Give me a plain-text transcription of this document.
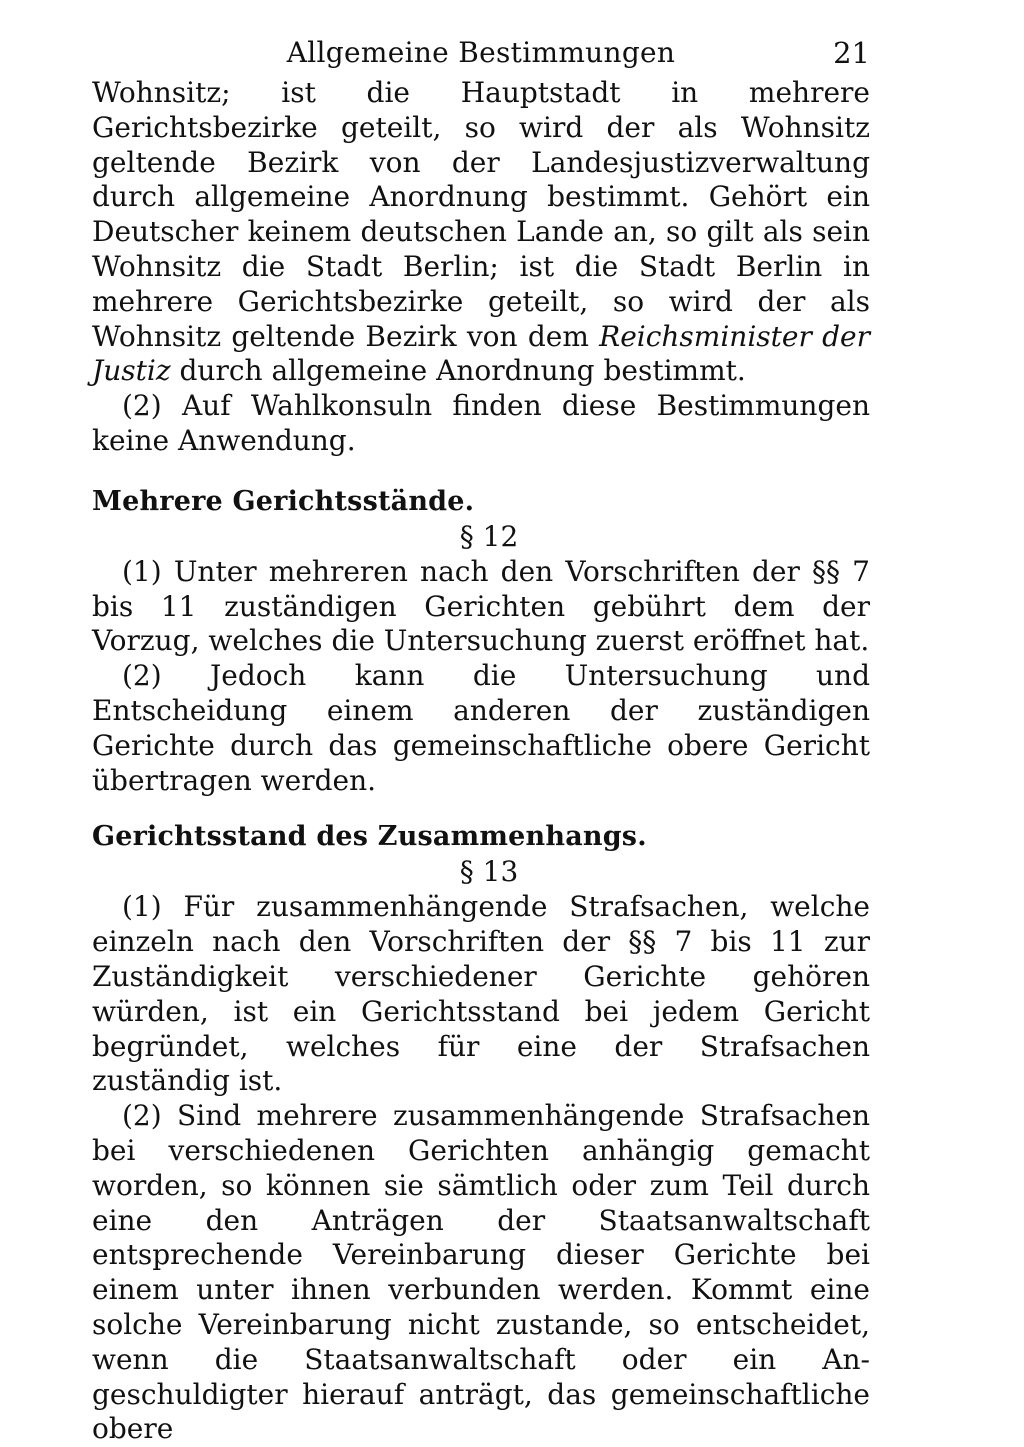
Allgemeine Bestimmungen	21

Wohnsitz; ist die Hauptstadt in mehrere Gerichtsbezirke geteilt, so wird der als Wohnsitz geltende Bezirk von der Landesjustizverwaltung durch allgemeine Anordnung bestimmt. Gehört ein Deutscher keinem deutschen Lande an, so gilt als sein Wohnsitz die Stadt Berlin; ist die Stadt Berlin in mehrere Gerichtsbezirke geteilt, so wird der als Wohnsitz geltende Bezirk von dem Reichsminister der Justiz durch allgemeine Anordnung bestimmt.

(2) Auf Wahlkonsuln finden diese Bestimmungen keine Anwendung.

Mehrere Gerichtsstände.

§ 12

(1) Unter mehreren nach den Vorschriften der §§ 7 bis 11 zuständigen Gerichten gebührt dem der Vorzug, welches die Untersuchung zuerst eröffnet hat.

(2) Jedoch kann die Untersuchung und Entscheidung einem anderen der zuständigen Gerichte durch das gemeinschaftliche obere Gericht übertragen werden.

Gerichtsstand des Zusammenhangs.

§ 13

(1) Für zusammenhängende Strafsachen, welche einzeln nach den Vorschriften der §§ 7 bis 11 zur Zuständigkeit verschiedener Gerichte gehören würden, ist ein Gerichtsstand bei jedem Gericht begründet, welches für eine der Strafsachen zuständig ist.

(2) Sind mehrere zusammenhängende Strafsachen bei verschiedenen Gerichten anhängig gemacht worden, so können sie sämtlich oder zum Teil durch eine den Anträgen der Staatsanwaltschaft entsprechende Vereinbarung dieser Gerichte bei einem unter ihnen verbunden werden. Kommt eine solche Vereinbarung nicht zustande, so entscheidet, wenn die Staatsanwaltschaft oder ein Angeschuldigter hierauf anträgt, das gemeinschaftliche obere
